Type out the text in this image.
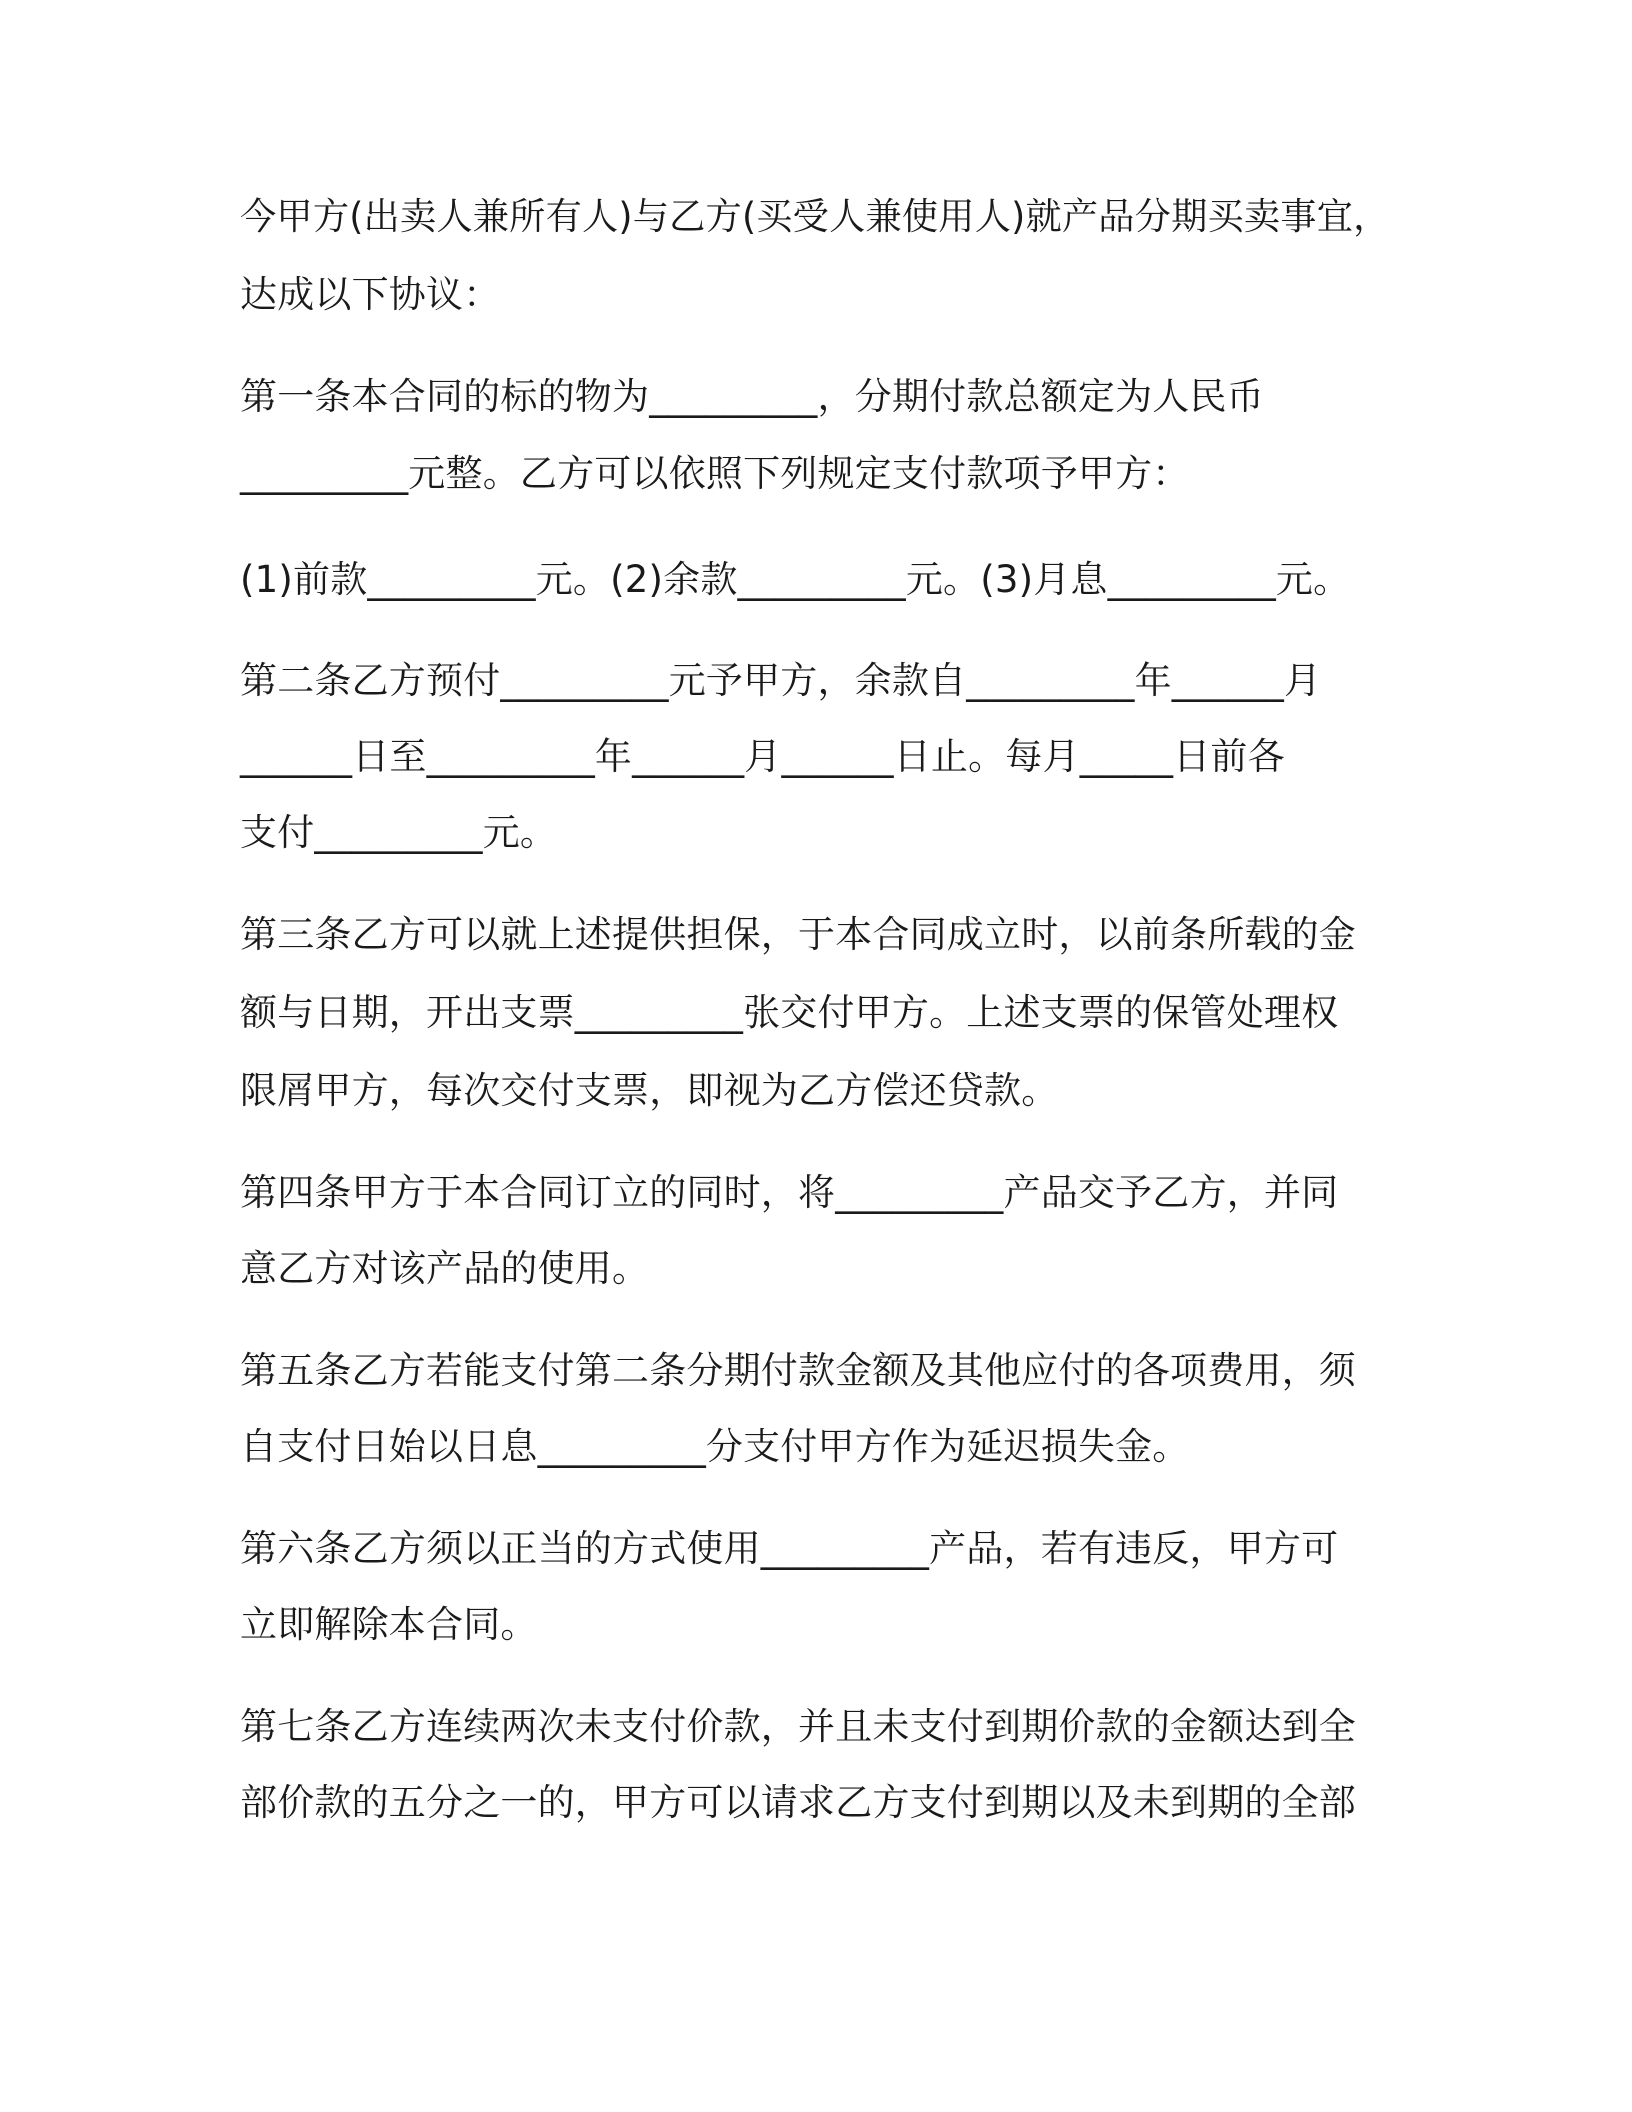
今甲方(出卖人兼所有人)与乙方(买受人兼使用人)就产品分期买卖事宜，
达成以下协议：
第一条本合同的标的物为_________，分期付款总额定为人民币
_________元整。乙方可以依照下列规定支付款项予甲方：
(1)前款_________元。(2)余款_________元。(3)月息_________元。
第二条乙方预付_________元予甲方，余款自_________年______月
______日至_________年______月______日止。每月_____日前各
支付_________元。
第三条乙方可以就上述提供担保，于本合同成立时，以前条所载的金
额与日期，开出支票_________张交付甲方。上述支票的保管处理权
限屑甲方，每次交付支票，即视为乙方偿还贷款。
第四条甲方于本合同订立的同时，将_________产品交予乙方，并同
意乙方对该产品的使用。
第五条乙方若能支付第二条分期付款金额及其他应付的各项费用，须
自支付日始以日息_________分支付甲方作为延迟损失金。
第六条乙方须以正当的方式使用_________产品，若有违反，甲方可
立即解除本合同。
第七条乙方连续两次未支付价款，并且未支付到期价款的金额达到全
部价款的五分之一的，甲方可以请求乙方支付到期以及未到期的全部
